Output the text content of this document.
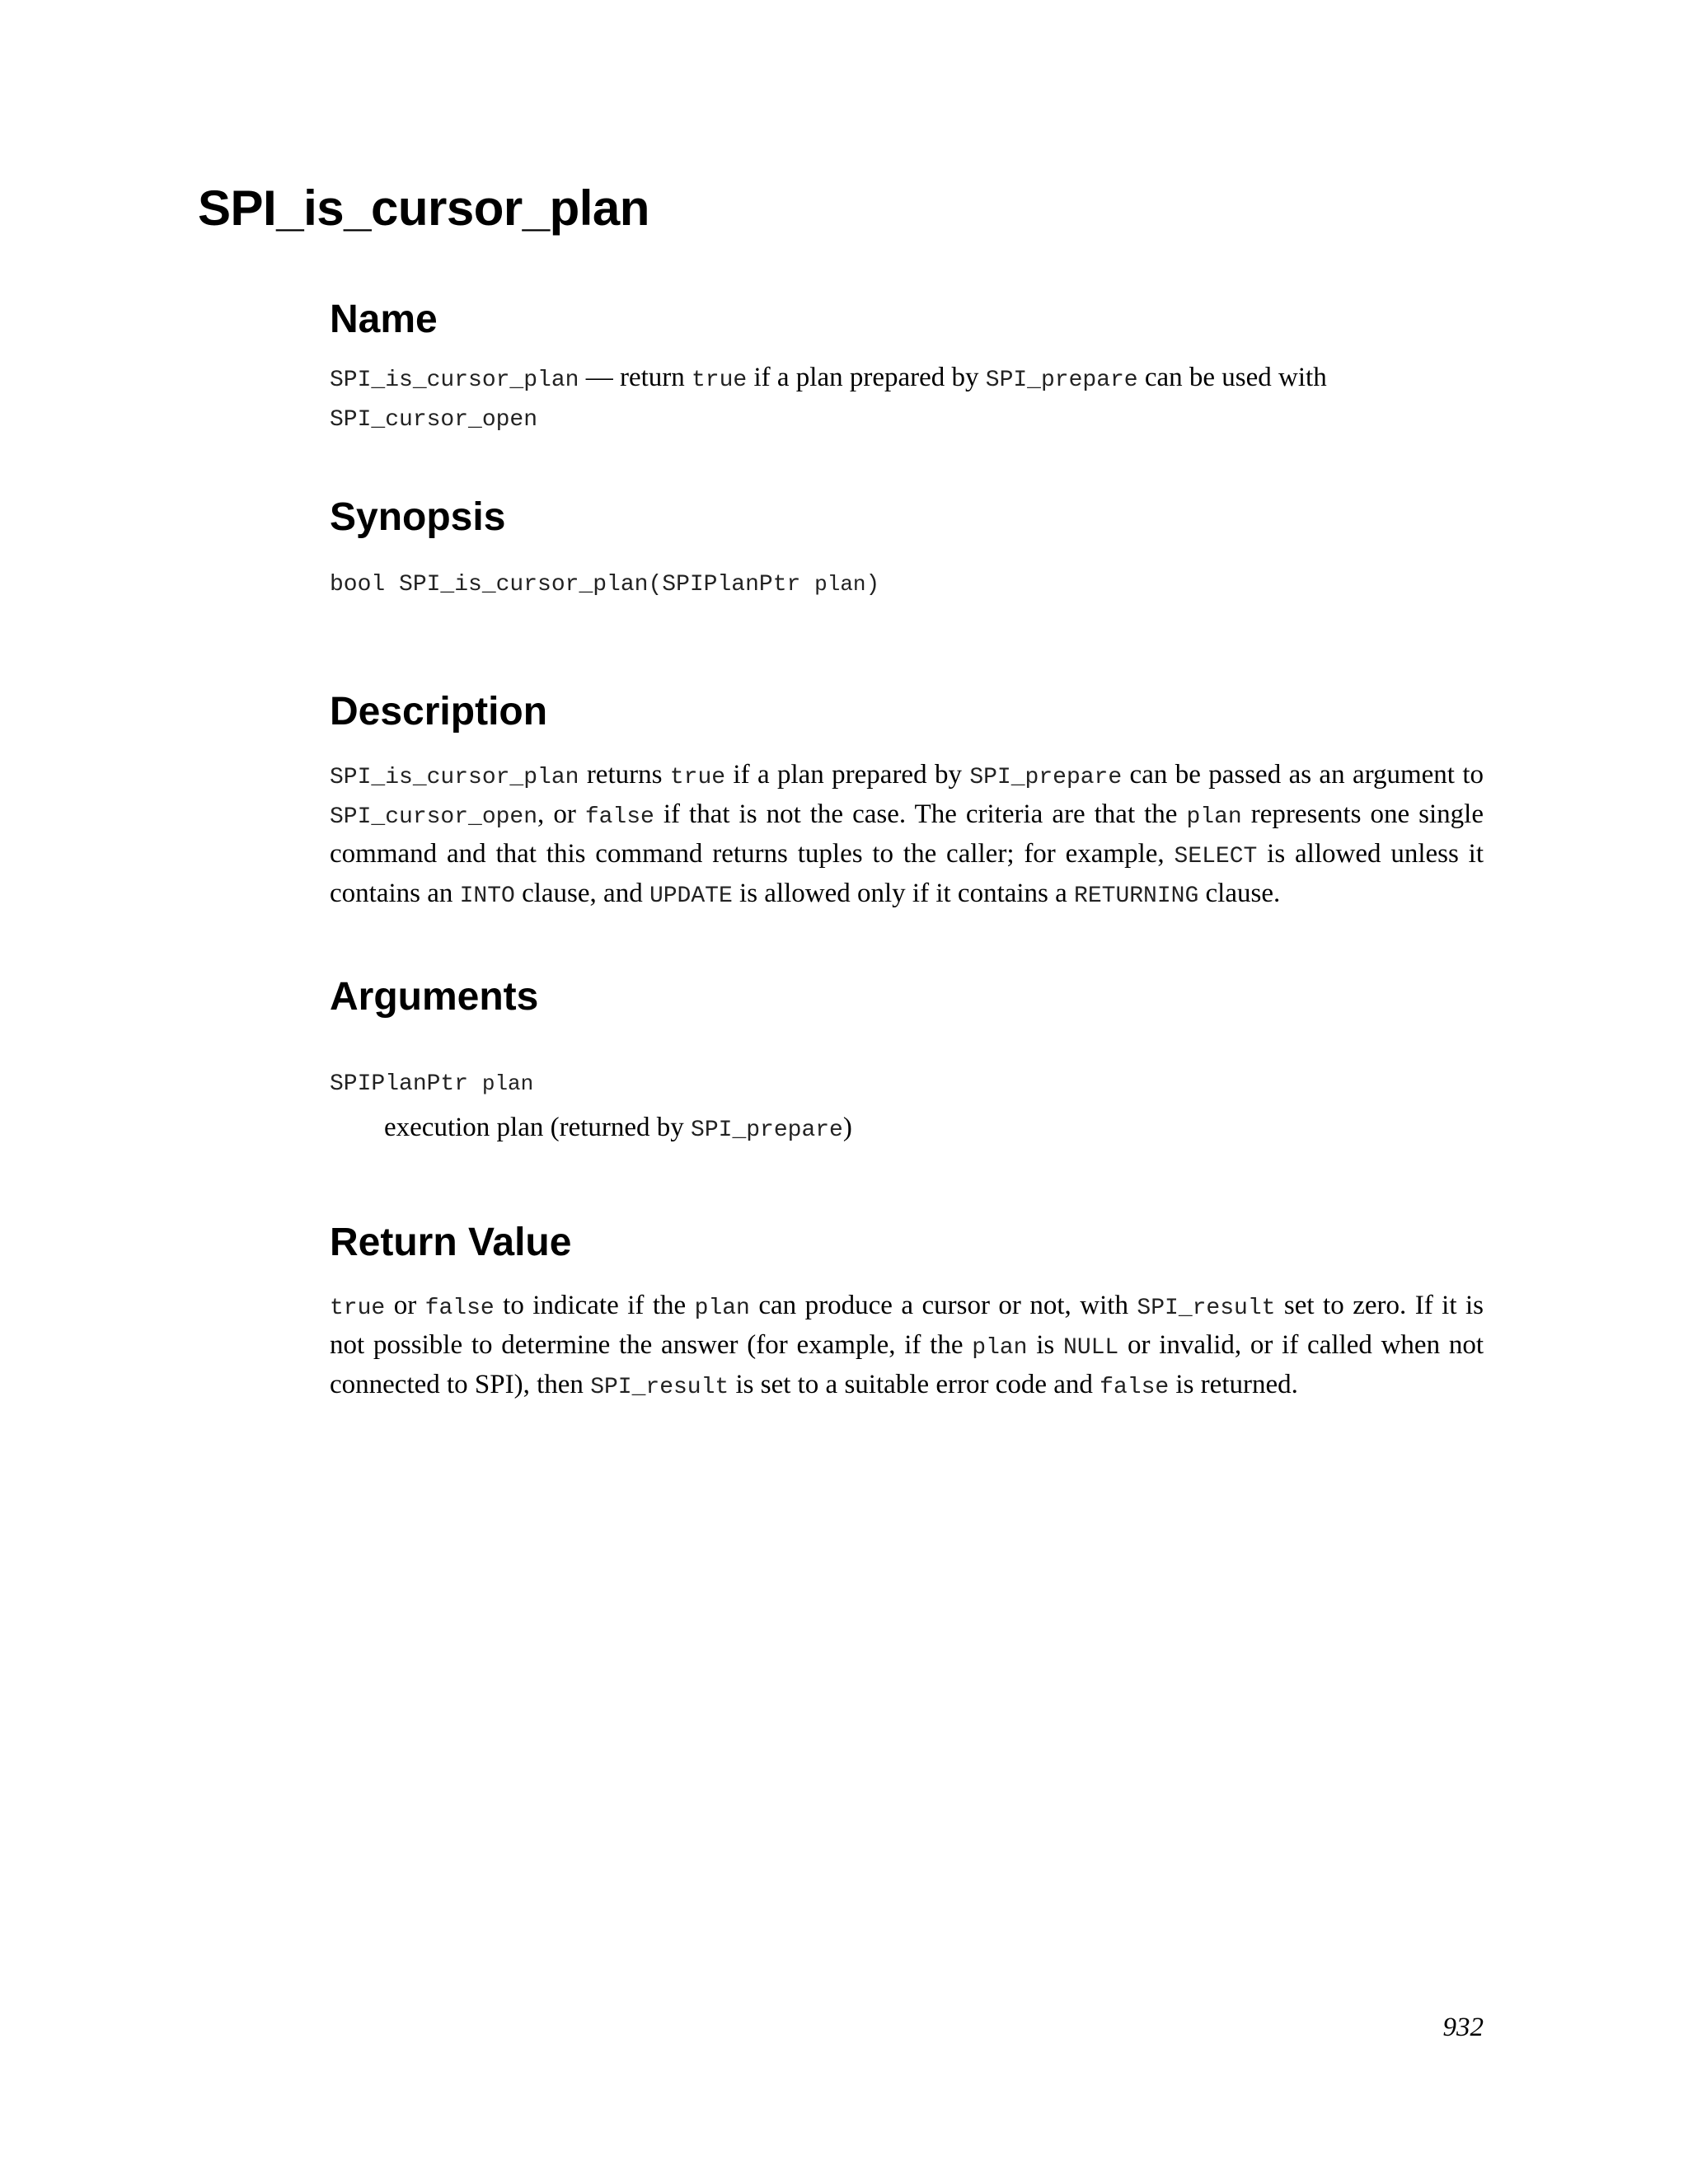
SPI_is_cursor_plan
Name

SPI_is_cursor_plan — return true if a plan prepared by SPI_prepare can be used with
SPI_cursor_open

Synopsis

bool SPI_is_cursor_plan(SPIPlanPtr plan)

Description

SPI_is_cursor_plan returns true if a plan prepared by SPI_prepare can be passed as an argument to SPI_cursor_open, or false if that is not the case. The criteria are that the plan represents one single command and that this command returns tuples to the caller; for example, SELECT is allowed unless it contains an INTO clause, and UPDATE is allowed only if it contains a RETURNING clause.

Arguments

SPIPlanPtr plan

execution plan (returned by SPI_prepare)

Return Value

true or false to indicate if the plan can produce a cursor or not, with SPI_result set to zero. If it is not possible to determine the answer (for example, if the plan is NULL or invalid, or if called when not connected to SPI), then SPI_result is set to a suitable error code and false is returned.

932
